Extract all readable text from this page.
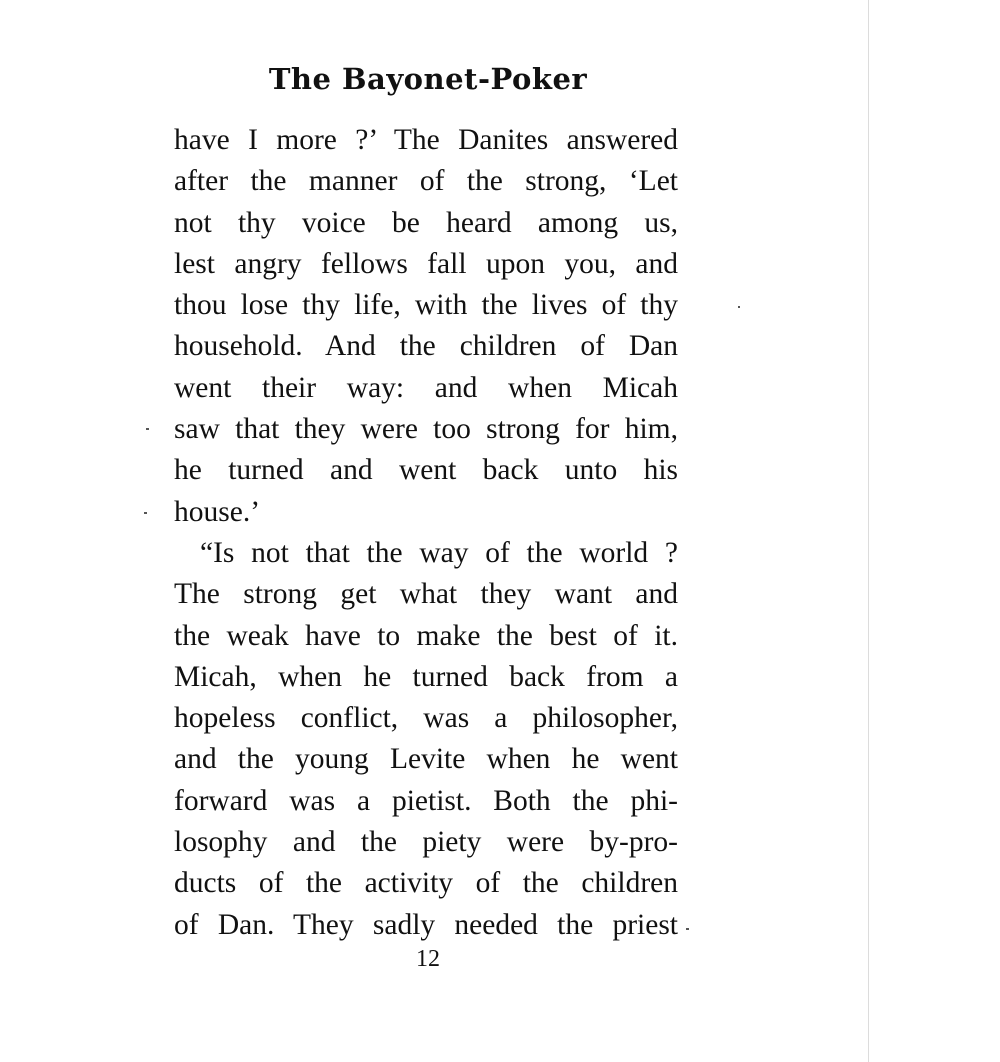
The Bayonet-Poker
have I more ?’ The Danites answered
after the manner of the strong, ‘Let
not thy voice be heard among us,
lest angry fellows fall upon you, and
thou lose thy life, with the lives of thy
household. And the children of Dan
went their way: and when Micah
saw that they were too strong for him,
he turned and went back unto his
house.’
“Is not that the way of the world ?
The strong get what they want and
the weak have to make the best of it.
Micah, when he turned back from a
hopeless conflict, was a philosopher,
and the young Levite when he went
forward was a pietist. Both the phi-
losophy and the piety were by-pro-
ducts of the activity of the children
of Dan. They sadly needed the priest
12
